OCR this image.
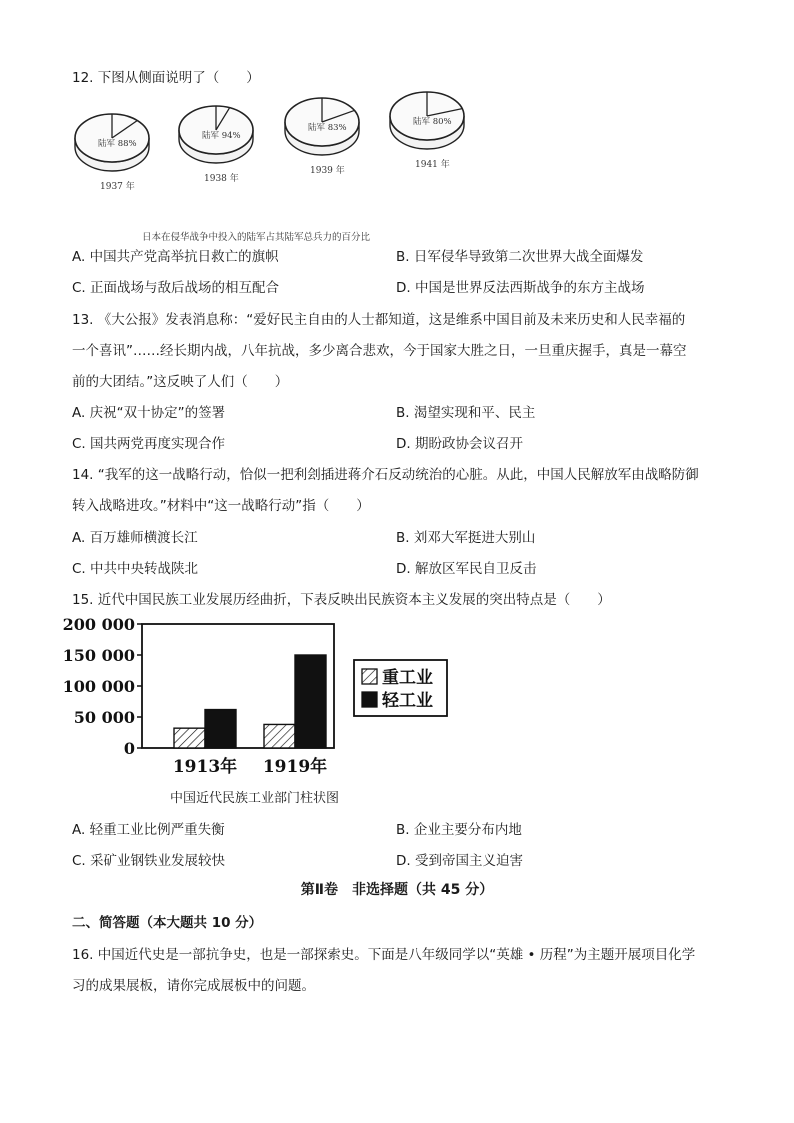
12. 下图从侧面说明了（　　）
陆军 88%
1937 年
陆军 94%
1938 年
陆军 83%
1939 年
陆军 80%
1941 年
日本在侵华战争中投入的陆军占其陆军总兵力的百分比
A. 中国共产党高举抗日救亡的旗帜	B. 日军侵华导致第二次世界大战全面爆发
C. 正面战场与敌后战场的相互配合	D. 中国是世界反法西斯战争的东方主战场
13. 《大公报》发表消息称：“爱好民主自由的人士都知道，这是维系中国目前及未来历史和人民幸福的
一个喜讯”……经长期内战，八年抗战，多少离合悲欢，今于国家大胜之日，一旦重庆握手，真是一幕空
前的大团结。”这反映了人们（　　）
A. 庆祝“双十协定”的签署	B. 渴望实现和平、民主
C. 国共两党再度实现合作	D. 期盼政协会议召开
14. “我军的这一战略行动，恰似一把利刽插进蒋介石反动统治的心脏。从此，中国人民解放军由战略防御
转入战略进攻。”材料中“这一战略行动”指（　　）
A. 百万雄师横渡长江	B. 刘邓大军挺进大别山
C. 中共中央转战陕北	D. 解放区军民自卫反击
15. 近代中国民族工业发展历经曲折，下表反映出民族资本主义发展的突出特点是（　　）
200 000
150 000
100 000
50 000
0
1913年 1919年
重工业
轻工业
中国近代民族工业部门柱状图
A. 轻重工业比例严重失衡	B. 企业主要分布内地
C. 采矿业钢铁业发展较快	D. 受到帝国主义迫害
第Ⅱ卷　非选择题（共 45 分）
二、简答题（本大题共 10 分）
16. 中国近代史是一部抗争史，也是一部探索史。下面是八年级同学以“英雄 • 历程”为主题开展项目化学
习的成果展板，请你完成展板中的问题。
